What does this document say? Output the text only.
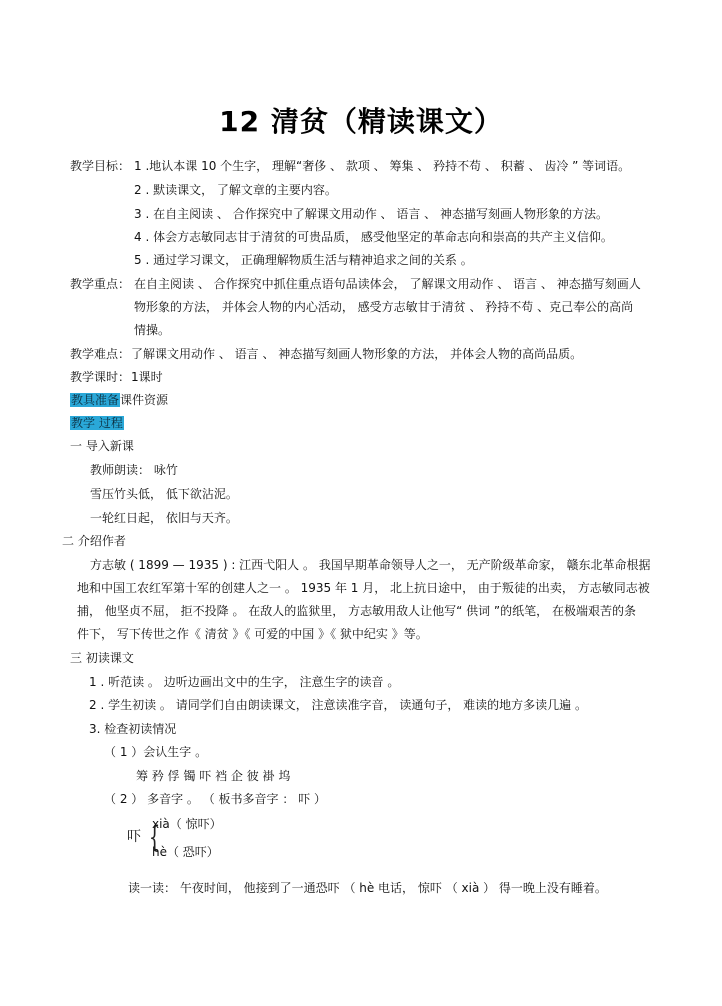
12 清贫（精读课文）
教学目标： 1 .地认本课 10 个生字， 理解“奢侈 、 款项 、 筹集 、 矜持不苟 、 积蓄 、 齿冷 ” 等词语。
2 . 默读课文， 了解文章的主要内容。
3 . 在自主阅读 、 合作探究中了解课文用动作 、 语言 、 神态描写刻画人物形象的方法。
4 . 体会方志敏同志甘于清贫的可贵品质， 感受他坚定的革命志向和崇高的共产主义信仰。
5 . 通过学习课文， 正确理解物质生活与精神追求之间的关系 。
教学重点： 在自主阅读 、 合作探究中抓住重点语句品读体会， 了解课文用动作 、 语言 、 神态描写刻画人
物形象的方法， 并体会人物的内心活动， 感受方志敏甘于清贫 、 矜持不苟 、克己奉公的高尚
情操。
教学难点： 了解课文用动作 、 语言 、 神态描写刻画人物形象的方法， 并体会人物的高尚品质。
教学课时： 1课时
教具准备课件资源
教学 过程
一 导入新课
教师朗读： 咏竹
雪压竹头低， 低下欲沾泥。
一轮红日起， 依旧与天齐。
二 介绍作者
方志敏 ( 1899 — 1935 ) : 江西弋阳人 。 我国早期革命领导人之一， 无产阶级革命家， 赣东北革命根据
地和中国工农红军第十军的创建人之一 。 1935 年 1 月， 北上抗日途中， 由于叛徒的出卖， 方志敏同志被
捕， 他坚贞不屈， 拒不投降 。 在敌人的监狱里， 方志敏用敌人让他写“ 供词 ”的纸笔， 在极端艰苦的条
件下， 写下传世之作《 清贫 》《 可爱的中国 》《 狱中纪实 》等。
三 初读课文
1 . 听范读 。 边听边画出文中的生字， 注意生字的读音 。
2 . 学生初读 。 请同学们自由朗读课文， 注意读准字音， 读通句子， 难读的地方多读几遍 。
3. 检查初读情况
（ 1 ）会认生字 。
筹 矜 俘 镯 吓 裆 企 彼 褂 坞
（ 2 ） 多音字 。 （ 板书多音字 ： 吓 ）
吓 {
xià（ 惊吓）
hè（ 恐吓）
读一读： 午夜时间， 他接到了一通恐吓 （ hè 电话， 惊吓 （ xià ） 得一晚上没有睡着。
